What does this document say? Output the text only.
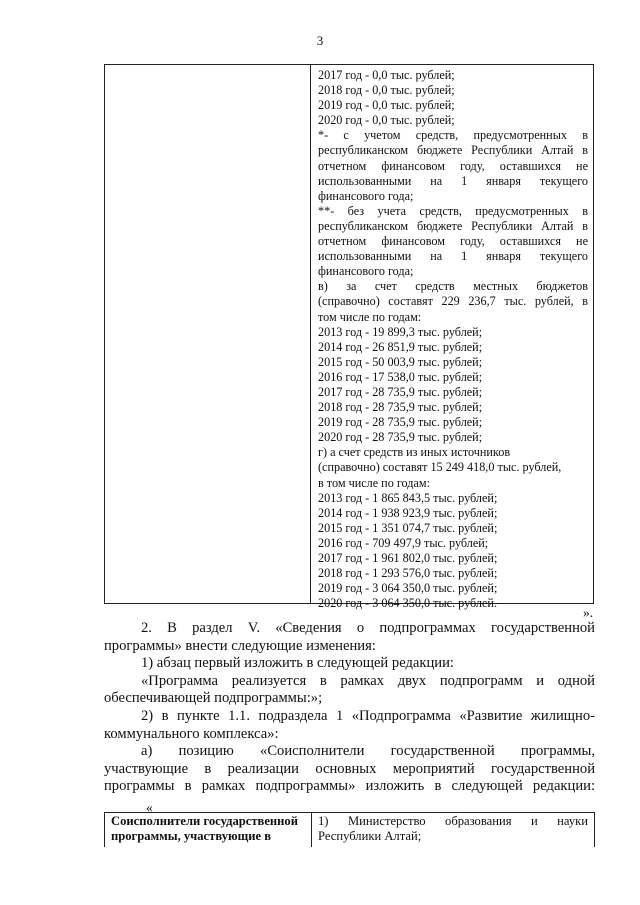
3
2017 год - 0,0 тыс. рублей;
2018 год - 0,0 тыс. рублей;
2019 год - 0,0 тыс. рублей;
2020 год - 0,0 тыс. рублей;
*- с учетом средств, предусмотренных в
республиканском бюджете Республики Алтай в
отчетном финансовом году, оставшихся не
использованными на 1 января текущего
финансового года;
**- без учета средств, предусмотренных в
республиканском бюджете Республики Алтай в
отчетном финансовом году, оставшихся не
использованными на 1 января текущего
финансового года;
в) за счет средств местных бюджетов
(справочно) составят 229 236,7 тыс. рублей, в
том числе по годам:
2013 год - 19 899,3 тыс. рублей;
2014 год - 26 851,9 тыс. рублей;
2015 год - 50 003,9 тыс. рублей;
2016 год - 17 538,0 тыс. рублей;
2017 год - 28 735,9 тыс. рублей;
2018 год - 28 735,9 тыс. рублей;
2019 год - 28 735,9 тыс. рублей;
2020 год - 28 735,9 тыс. рублей;
г) а счет средств из иных источников
(справочно) составят 15 249 418,0 тыс. рублей,
в том числе по годам:
2013 год - 1 865 843,5 тыс. рублей;
2014 год - 1 938 923,9 тыс. рублей;
2015 год - 1 351 074,7 тыс. рублей;
2016 год - 709 497,9 тыс. рублей;
2017 год - 1 961 802,0 тыс. рублей;
2018 год - 1 293 576,0 тыс. рублей;
2019 год - 3 064 350,0 тыс. рублей;
2020 год - 3 064 350,0 тыс. рублей.
».
2. В раздел V. «Сведения о подпрограммах государственной
программы» внести следующие изменения:
1) абзац первый изложить в следующей редакции:
«Программа реализуется в рамках двух подпрограмм и одной
обеспечивающей подпрограммы:»;
2) в пункте 1.1. подраздела 1 «Подпрограмма «Развитие жилищно-
коммунального комплекса»:
а) позицию «Соисполнители государственной программы,
участвующие в реализации основных мероприятий государственной
программы в рамках подпрограммы» изложить в следующей редакции:
«
Соисполнители государственной
программы, участвующие в
1) Министерство образования и науки
Республики Алтай;
